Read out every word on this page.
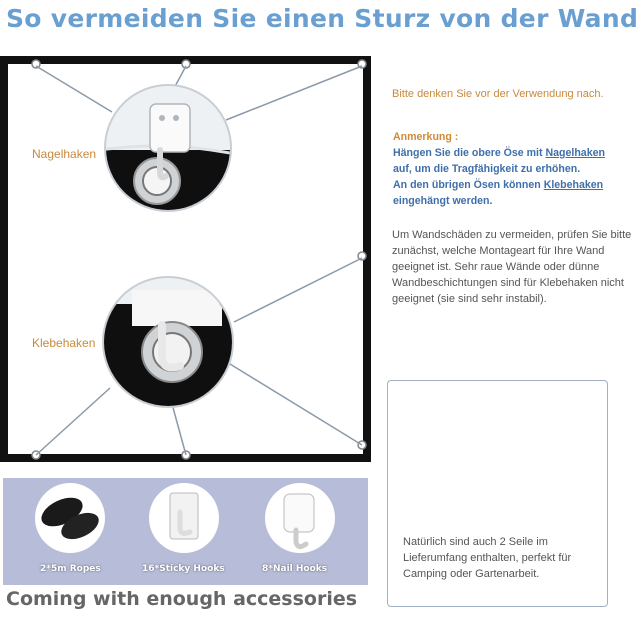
So vermeiden Sie einen Sturz von der Wand
Nagelhaken
Klebehaken
Bitte denken Sie vor der Verwendung nach.
Anmerkung :
Hängen Sie die obere Öse mit Nagelhaken
auf, um die Tragfähigkeit zu erhöhen.
An den übrigen Ösen können Klebehaken
eingehängt werden.
Um Wandschäden zu vermeiden, prüfen Sie bitte zunächst, welche Montageart für Ihre Wand geeignet ist. Sehr raue Wände oder dünne Wandbeschichtungen sind für Klebehaken nicht geeignet (sie sind sehr instabil).
Natürlich sind auch 2 Seile im Lieferumfang enthalten, perfekt für Camping oder Gartenarbeit.
2*5m Ropes	16*Sticky Hooks	8*Nail Hooks
Coming with enough accessories
